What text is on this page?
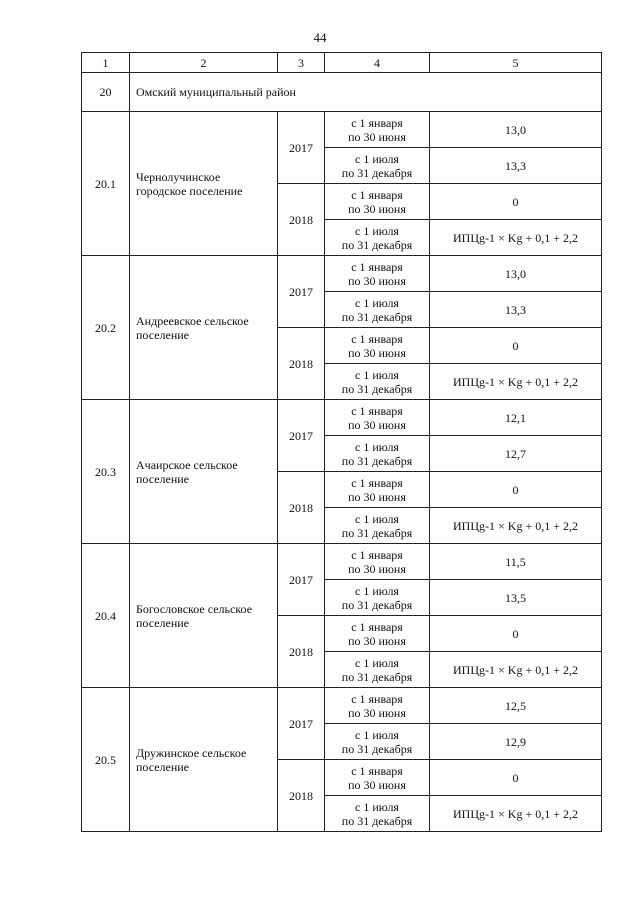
44
1	2	3	4	5
20	Омский муниципальный район			
20.1	Чернолучинское городское поселение	2017	с 1 января
по 30 июня	13,0
			с 1 июля
по 31 декабря	13,3
		2018	с 1 января
по 30 июня	0
			с 1 июля
по 31 декабря	ИПЦg-1 × Kg + 0,1 + 2,2
20.2	Андреевское сельское поселение	2017	с 1 января
по 30 июня	13,0
			с 1 июля
по 31 декабря	13,3
		2018	с 1 января
по 30 июня	0
			с 1 июля
по 31 декабря	ИПЦg-1 × Kg + 0,1 + 2,2
20.3	Ачаирское сельское поселение	2017	с 1 января
по 30 июня	12,1
			с 1 июля
по 31 декабря	12,7
		2018	с 1 января
по 30 июня	0
			с 1 июля
по 31 декабря	ИПЦg-1 × Kg + 0,1 + 2,2
20.4	Богословское сельское поселение	2017	с 1 января
по 30 июня	11,5
			с 1 июля
по 31 декабря	13,5
		2018	с 1 января
по 30 июня	0
			с 1 июля
по 31 декабря	ИПЦg-1 × Kg + 0,1 + 2,2
20.5	Дружинское сельское поселение	2017	с 1 января
по 30 июня	12,5
			с 1 июля
по 31 декабря	12,9
		2018	с 1 января
по 30 июня	0
			с 1 июля
по 31 декабря	ИПЦg-1 × Kg + 0,1 + 2,2
